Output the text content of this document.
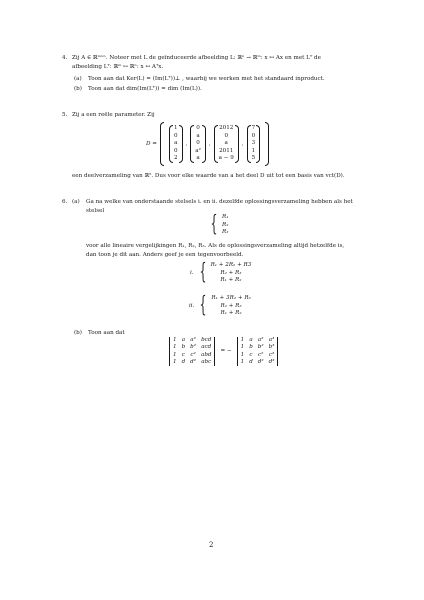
4. Zij A ∈ ℝᵐˣⁿ. Noteer met L de geïnduceerde afbeelding L: ℝⁿ → ℝᵐ: x ↦ Ax en met Lᵀ de
afbeelding Lᵀ: ℝᵐ ↦ ℝⁿ: x ↦ Aᵀx.
(a) Toon aan dat Ker(L) = (Im(Lᵀ))⊥ , waarbij we werken met het standaard inproduct.
(b) Toon aan dat dim(Im(Lᵀ)) = dim (Im(L)).
5. Zij a een reële parameter. Zij
D =
1
0
a
0
2
,
0
a
0
a²
a
,
2012
0
a
2011
a − 9
,
7
0
3
1
5
een deelverzameling van ℝ⁵. Dus voor elke waarde van a het deel D uit tot een basis van vct(D).
6. (a) Ga na welke van onderstaande stelsels i. en ii. dezelfde oplossingsverzameling hebben als het
stelsel
{ R₁
R₂
R₃
voor alle lineaire vergelijkingen R₁, R₂, R₃. Als de oplossingsverzameling altijd hetzelfde is,
dan toon je dit aan. Anders geef je een tegenvoorbeeld.
i. { R₁ + 2R₂ + R3
R₂ + R₃
R₁ + R₂
ii. { R₁ + 3R₂ + R₃
R₂ + R₃
R₁ + R₂
(b) Toon aan dat
1 a a² bcd
1 b b² acd
1 c c² abd
1 d d² abc
= −
1 a a² a³
1 b b² b³
1 c c² c³
1 d d² d³
2
